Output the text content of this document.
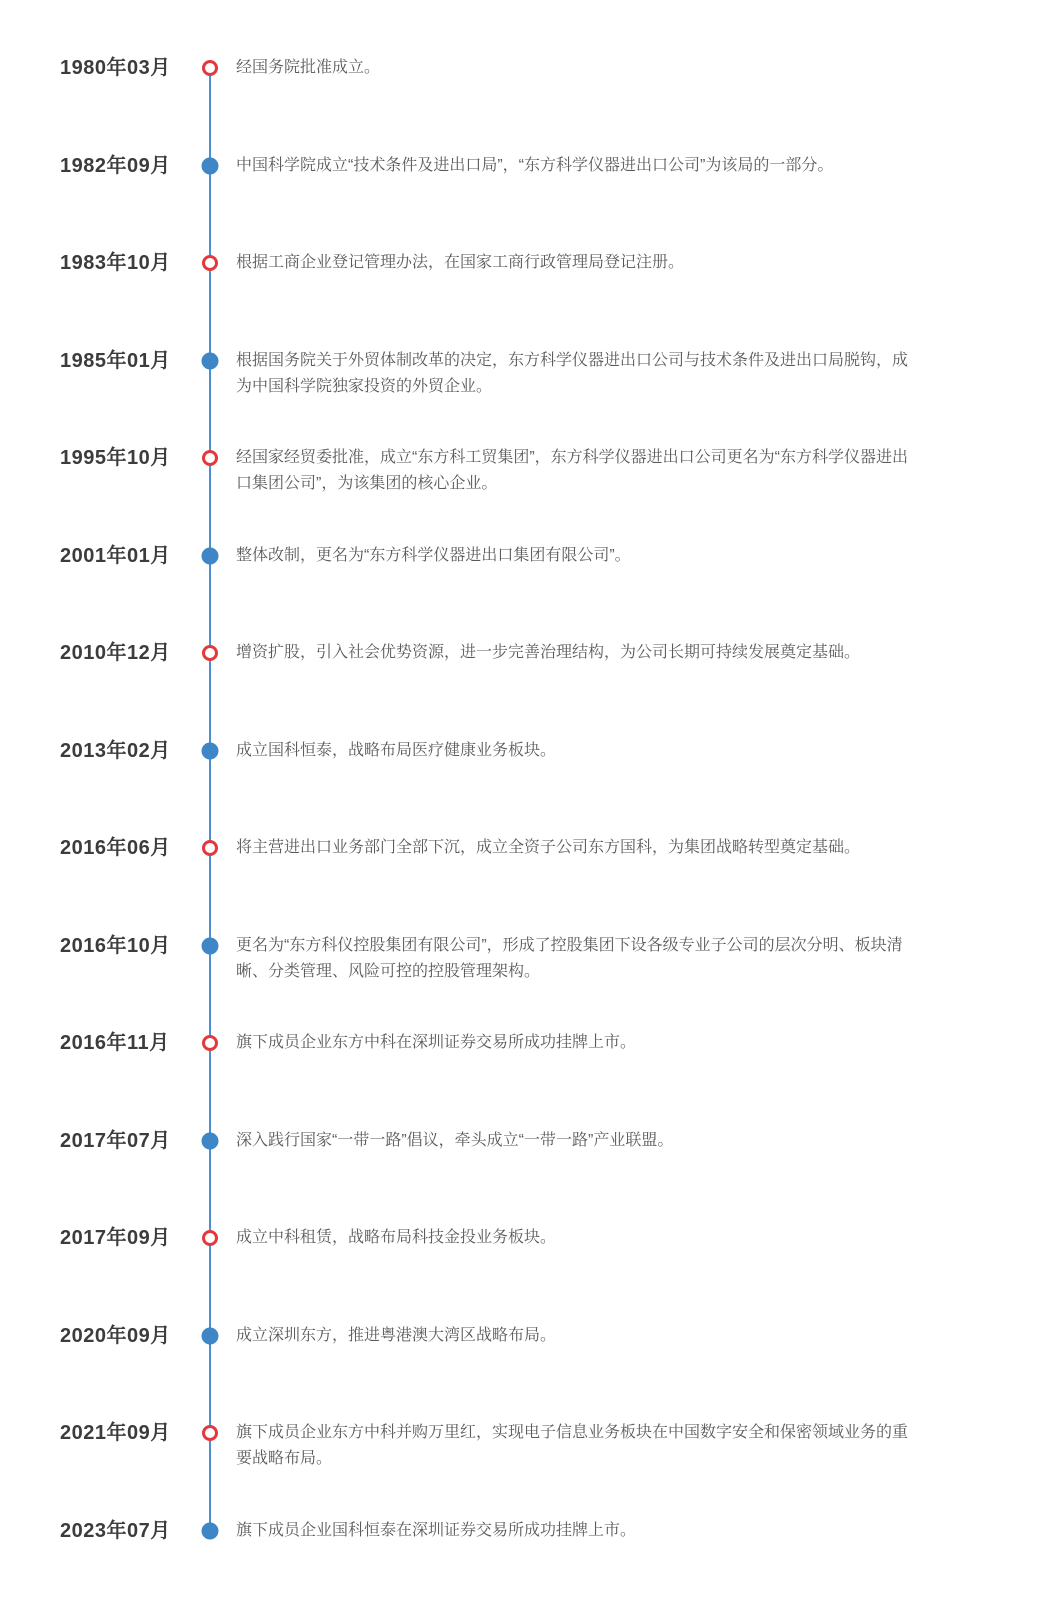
1980年03月	经国务院批准成立。
1982年09月	中国科学院成立“技术条件及进出口局”，“东方科学仪器进出口公司”为该局的一部分。
1983年10月	根据工商企业登记管理办法，在国家工商行政管理局登记注册。
1985年01月	根据国务院关于外贸体制改革的决定，东方科学仪器进出口公司与技术条件及进出口局脱钩，成为中国科学院独家投资的外贸企业。
1995年10月	经国家经贸委批准，成立“东方科工贸集团”，东方科学仪器进出口公司更名为“东方科学仪器进出口集团公司”，为该集团的核心企业。
2001年01月	整体改制，更名为“东方科学仪器进出口集团有限公司”。
2010年12月	增资扩股，引入社会优势资源，进一步完善治理结构，为公司长期可持续发展奠定基础。
2013年02月	成立国科恒泰，战略布局医疗健康业务板块。
2016年06月	将主营进出口业务部门全部下沉，成立全资子公司东方国科，为集团战略转型奠定基础。
2016年10月	更名为“东方科仪控股集团有限公司”，形成了控股集团下设各级专业子公司的层次分明、板块清晰、分类管理、风险可控的控股管理架构。
2016年11月	旗下成员企业东方中科在深圳证券交易所成功挂牌上市。
2017年07月	深入践行国家“一带一路”倡议，牵头成立“一带一路”产业联盟。
2017年09月	成立中科租赁，战略布局科技金投业务板块。
2020年09月	成立深圳东方，推进粤港澳大湾区战略布局。
2021年09月	旗下成员企业东方中科并购万里红，实现电子信息业务板块在中国数字安全和保密领域业务的重要战略布局。
2023年07月	旗下成员企业国科恒泰在深圳证券交易所成功挂牌上市。
